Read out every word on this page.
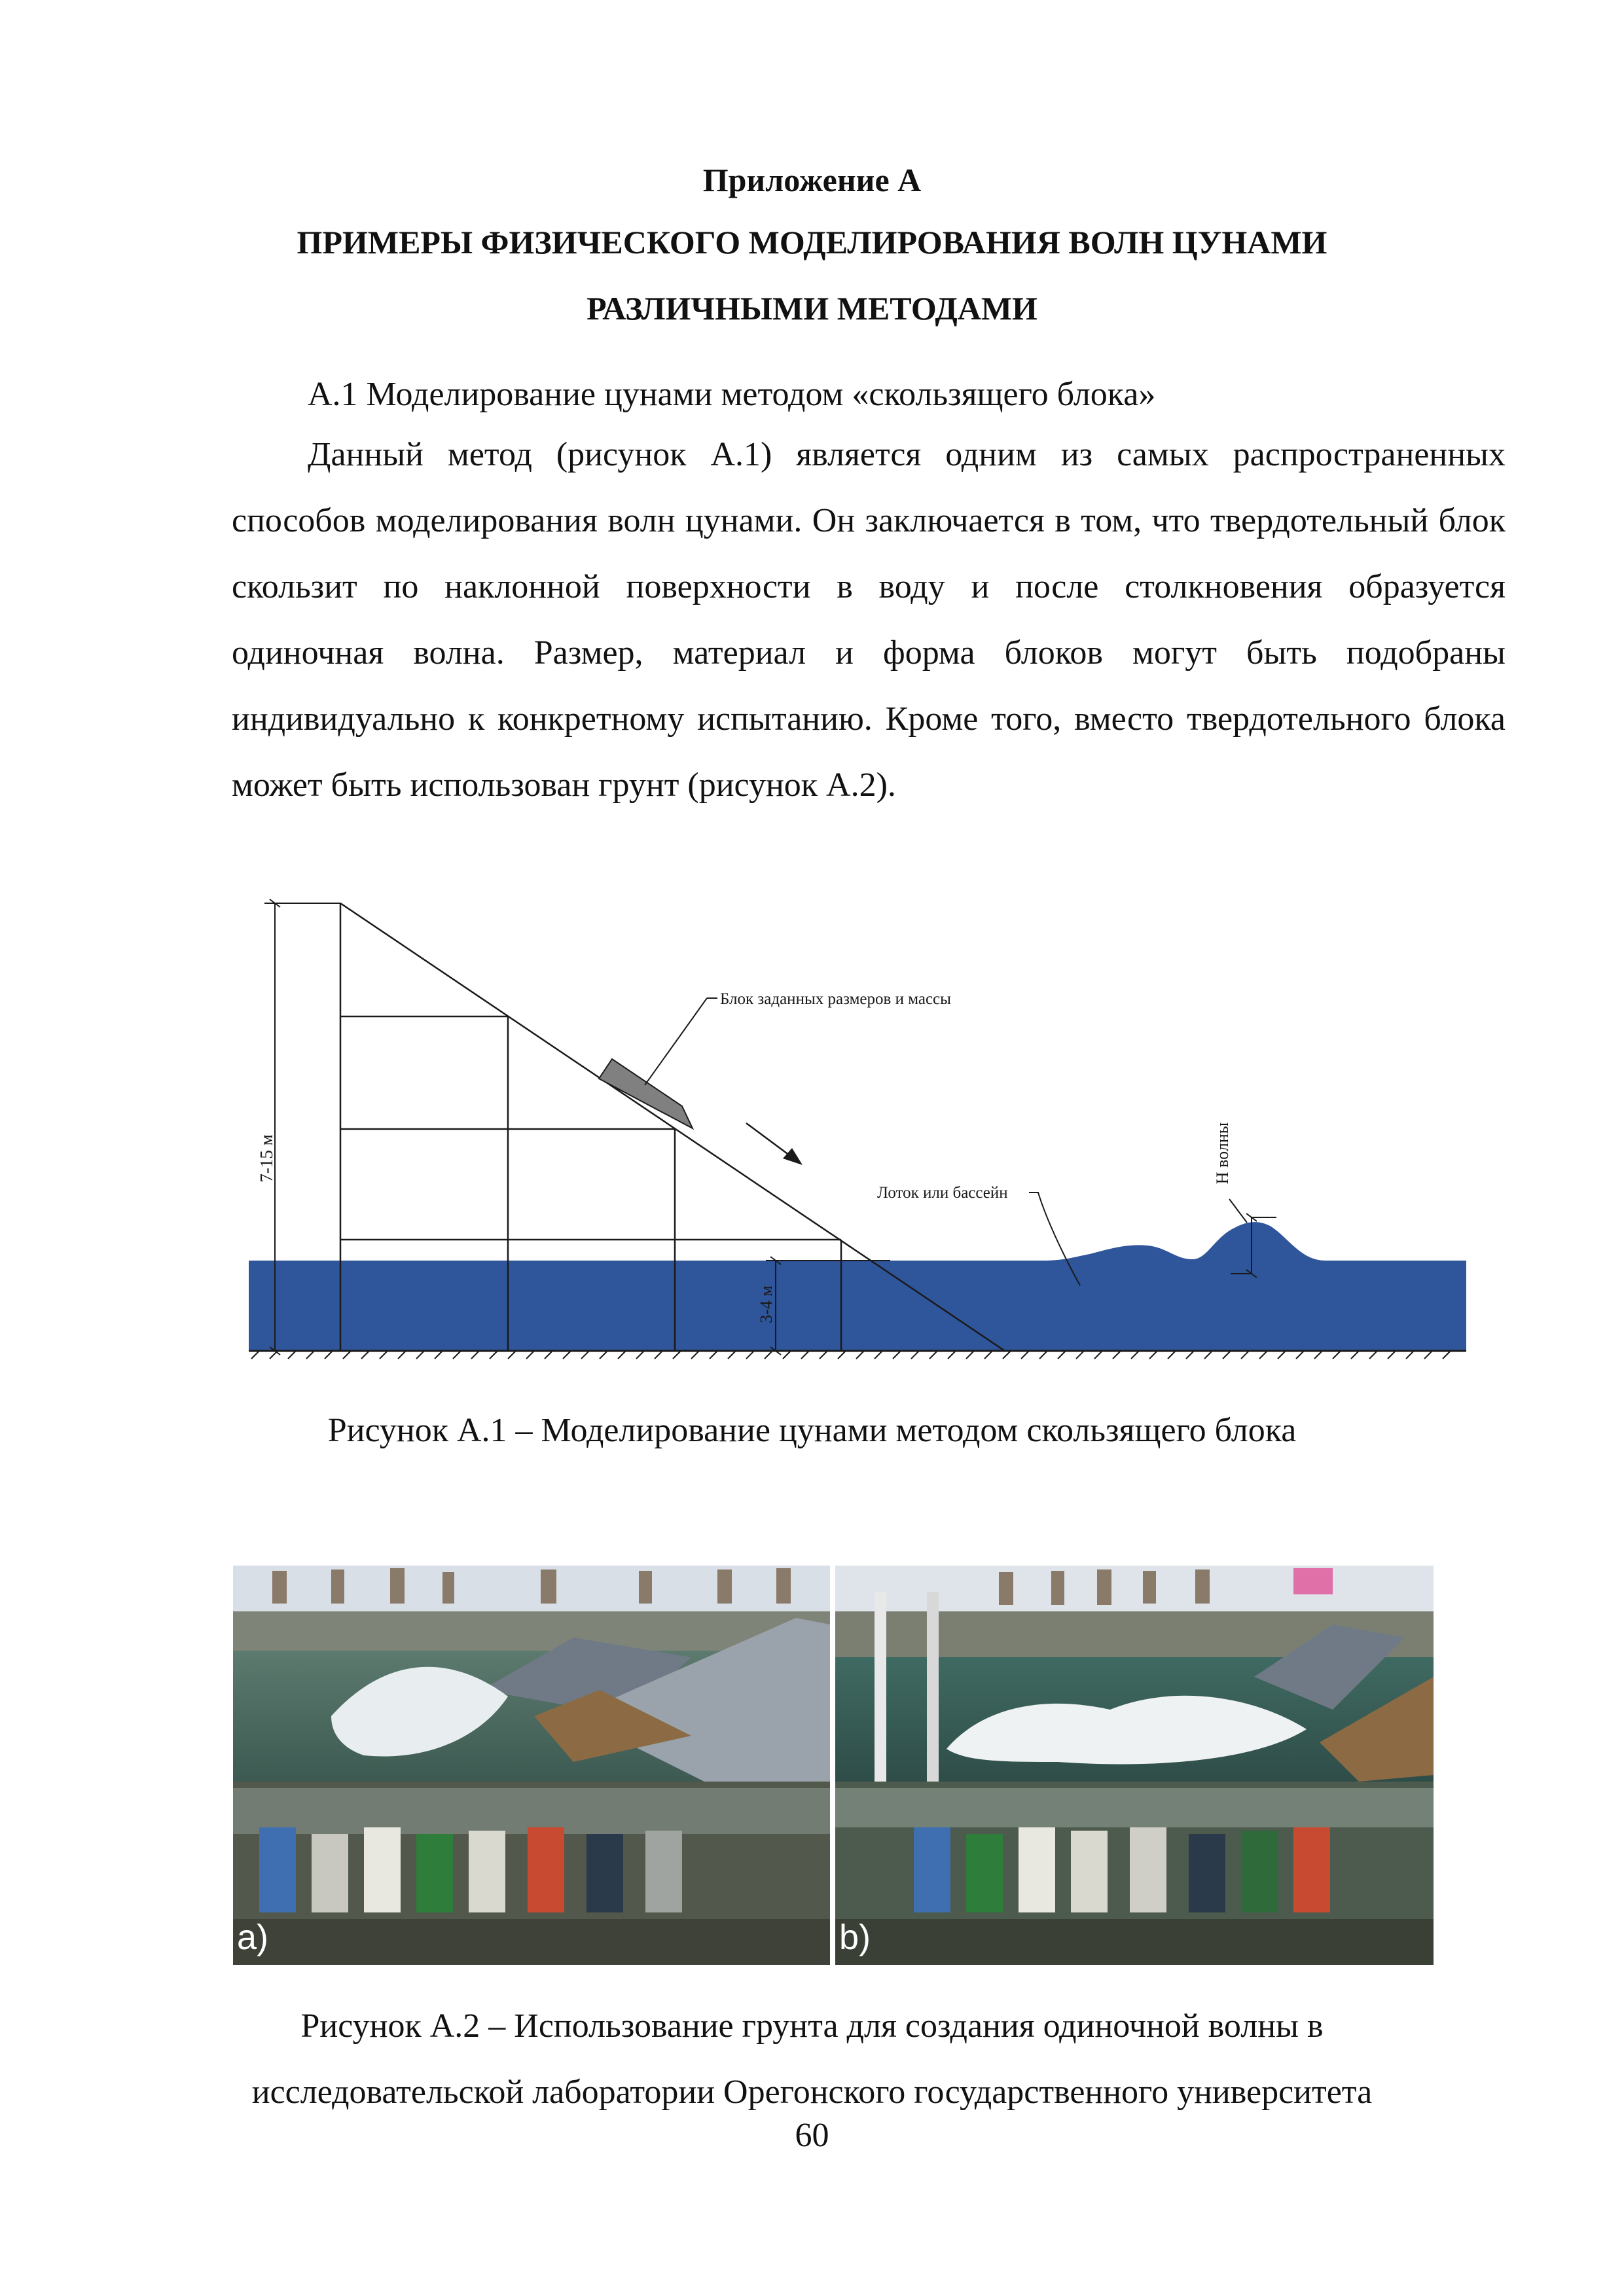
Приложение А
ПРИМЕРЫ ФИЗИЧЕСКОГО МОДЕЛИРОВАНИЯ ВОЛН ЦУНАМИ
РАЗЛИЧНЫМИ МЕТОДАМИ
А.1 Моделирование цунами методом «скользящего блока»

Данный метод (рисунок А.1) является одним из самых распространенных способов моделирования волн цунами. Он заключается в том, что твердотельный блок скользит по наклонной поверхности в воду и после столкновения образуется одиночная волна. Размер, материал и форма блоков могут быть подобраны индивидуально к конкретному испытанию. Кроме того, вместо твердотельного блока может быть использован грунт (рисунок А.2).

7-15 м
Блок заданных размеров и массы
3-4 м
Лоток или бассейн
H волны
Рисунок А.1 – Моделирование цунами методом скользящего блока
a)	b)
Рисунок А.2 – Использование грунта для создания одиночной волны в
исследовательской лаборатории Орегонского государственного университета
60
